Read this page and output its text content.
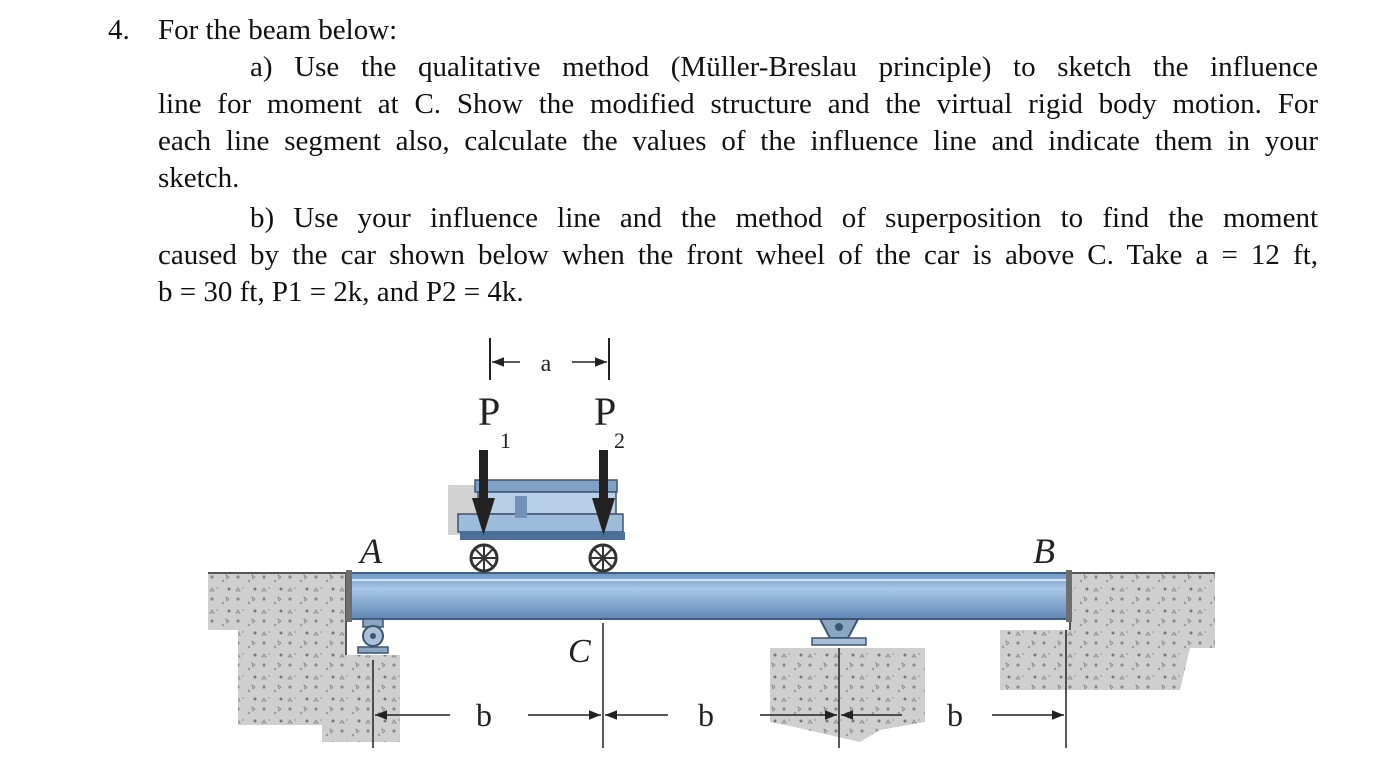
4. For the beam below:
a) Use the qualitative method (Müller-Breslau principle) to sketch the influence
line for moment at C. Show the modified structure and the virtual rigid body motion. For
each line segment also, calculate the values of the influence line and indicate them in your
sketch.
b) Use your influence line and the method of superposition to find the moment
caused by the car shown below when the front wheel of the car is above C. Take a = 12 ft,
b = 30 ft, P1 = 2k, and P2 = 4k.
a
P
1
P
2
A	B
C
b	b	b
